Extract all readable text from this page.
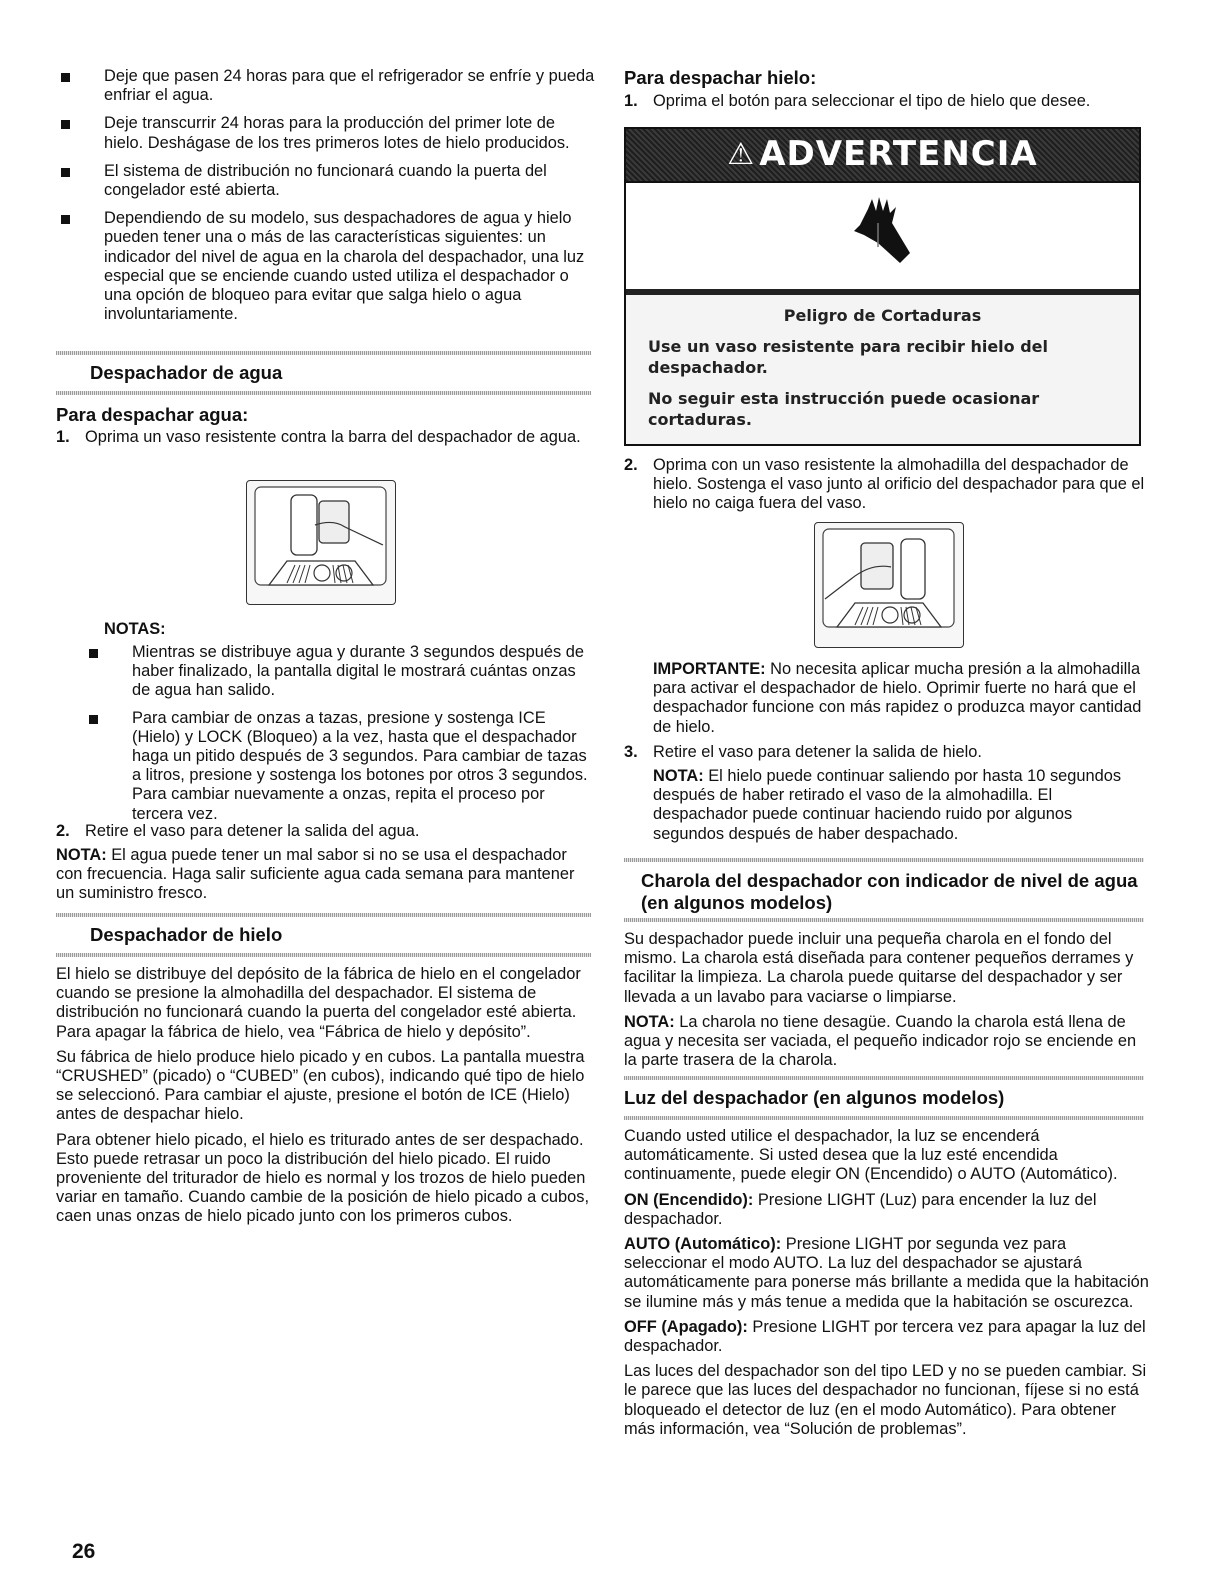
Deje que pasen 24 horas para que el refrigerador se enfríe y pueda enfriar el agua.
Deje transcurrir 24 horas para la producción del primer lote de hielo. Deshágase de los tres primeros lotes de hielo producidos.
El sistema de distribución no funcionará cuando la puerta del congelador esté abierta.
Dependiendo de su modelo, sus despachadores de agua y hielo pueden tener una o más de las características siguientes: un indicador del nivel de agua en la charola del despachador, una luz especial que se enciende cuando usted utiliza el despachador o una opción de bloqueo para evitar que salga hielo o agua involuntariamente.
Despachador de agua
Para despachar agua:
1. Oprima un vaso resistente contra la barra del despachador de agua.
NOTAS:
Mientras se distribuye agua y durante 3 segundos después de haber finalizado, la pantalla digital le mostrará cuántas onzas de agua han salido.
Para cambiar de onzas a tazas, presione y sostenga ICE (Hielo) y LOCK (Bloqueo) a la vez, hasta que el despachador haga un pitido después de 3 segundos. Para cambiar de tazas a litros, presione y sostenga los botones por otros 3 segundos. Para cambiar nuevamente a onzas, repita el proceso por tercera vez.
2. Retire el vaso para detener la salida del agua.

NOTA: El agua puede tener un mal sabor si no se usa el despachador con frecuencia. Haga salir suficiente agua cada semana para mantener un suministro fresco.

Despachador de hielo

El hielo se distribuye del depósito de la fábrica de hielo en el congelador cuando se presione la almohadilla del despachador. El sistema de distribución no funcionará cuando la puerta del congelador esté abierta. Para apagar la fábrica de hielo, vea “Fábrica de hielo y depósito”.

Su fábrica de hielo produce hielo picado y en cubos. La pantalla muestra “CRUSHED” (picado) o “CUBED” (en cubos), indicando qué tipo de hielo se seleccionó. Para cambiar el ajuste, presione el botón de ICE (Hielo) antes de despachar hielo.

Para obtener hielo picado, el hielo es triturado antes de ser despachado. Esto puede retrasar un poco la distribución del hielo picado. El ruido proveniente del triturador de hielo es normal y los trozos de hielo pueden variar en tamaño. Cuando cambie de la posición de hielo picado a cubos, caen unas onzas de hielo picado junto con los primeros cubos.

Para despachar hielo:
1. Oprima el botón para seleccionar el tipo de hielo que desee.
⚠ ADVERTENCIA
Peligro de Cortaduras

Use un vaso resistente para recibir hielo del despachador.

No seguir esta instrucción puede ocasionar cortaduras.

2. Oprima con un vaso resistente la almohadilla del despachador de hielo. Sostenga el vaso junto al orificio del despachador para que el hielo no caiga fuera del vaso.

IMPORTANTE: No necesita aplicar mucha presión a la almohadilla para activar el despachador de hielo. Oprimir fuerte no hará que el despachador funcione con más rapidez o produzca mayor cantidad de hielo.

3. Retire el vaso para detener la salida de hielo.

NOTA: El hielo puede continuar saliendo por hasta 10 segundos después de haber retirado el vaso de la almohadilla. El despachador puede continuar haciendo ruido por algunos segundos después de haber despachado.

Charola del despachador con indicador de nivel de agua (en algunos modelos)

Su despachador puede incluir una pequeña charola en el fondo del mismo. La charola está diseñada para contener pequeños derrames y facilitar la limpieza. La charola puede quitarse del despachador y ser llevada a un lavabo para vaciarse o limpiarse.

NOTA: La charola no tiene desagüe. Cuando la charola está llena de agua y necesita ser vaciada, el pequeño indicador rojo se enciende en la parte trasera de la charola.

Luz del despachador (en algunos modelos)

Cuando usted utilice el despachador, la luz se encenderá automáticamente. Si usted desea que la luz esté encendida continuamente, puede elegir ON (Encendido) o AUTO (Automático).

ON (Encendido): Presione LIGHT (Luz) para encender la luz del despachador.

AUTO (Automático): Presione LIGHT por segunda vez para seleccionar el modo AUTO. La luz del despachador se ajustará automáticamente para ponerse más brillante a medida que la habitación se ilumine más y más tenue a medida que la habitación se oscurezca.

OFF (Apagado): Presione LIGHT por tercera vez para apagar la luz del despachador.

Las luces del despachador son del tipo LED y no se pueden cambiar. Si le parece que las luces del despachador no funcionan, fíjese si no está bloqueado el detector de luz (en el modo Automático). Para obtener más información, vea “Solución de problemas”.

26
